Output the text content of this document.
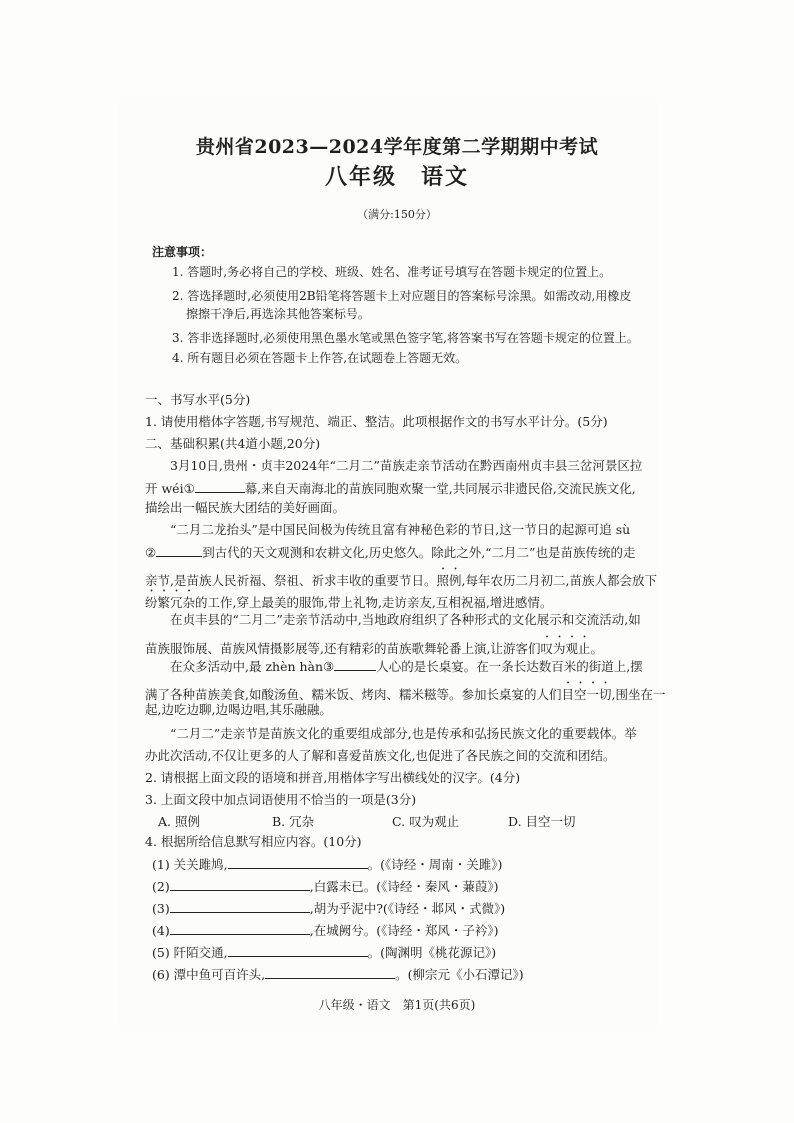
贵州省2023—2024学年度第二学期期中考试
八年级　语文
（满分:150分）
注意事项：
1. 答题时,务必将自己的学校、班级、姓名、准考证号填写在答题卡规定的位置上。
2. 答选择题时,必须使用2B铅笔将答题卡上对应题目的答案标号涂黑。如需改动,用橡皮
擦擦干净后,再选涂其他答案标号。
3. 答非选择题时,必须使用黑色墨水笔或黑色签字笔,将答案书写在答题卡规定的位置上。
4. 所有题目必须在答题卡上作答,在试题卷上答题无效。
一、书写水平(5分)
1. 请使用楷体字答题,书写规范、端正、整洁。此项根据作文的书写水平计分。(5分)
二、基础积累(共4道小题,20分)
3月10日,贵州・贞丰2024年“二月二”苗族走亲节活动在黔西南州贞丰县三岔河景区拉
开 wéi①	幕,来自天南海北的苗族同胞欢聚一堂,共同展示非遗民俗,交流民族文化,
描绘出一幅民族大团结的美好画面。
“二月二龙抬头”是中国民间极为传统且富有神秘色彩的节日,这一节日的起源可追 sù
②	到古代的天文观测和农耕文化,历史悠久。除此之外,“二月二”也是苗族传统的走
亲节,是苗族人民祈福、祭祖、祈求丰收的重要节日。照例,每年农历二月初二,苗族人都会放下
纷繁冗杂的工作,穿上最美的服饰,带上礼物,走访亲友,互相祝福,增进感情。
在贞丰县的“二月二”走亲节活动中,当地政府组织了各种形式的文化展示和交流活动,如
苗族服饰展、苗族风情摄影展等,还有精彩的苗族歌舞轮番上演,让游客们叹为观止。
在众多活动中,最 zhèn hàn③	人心的是长桌宴。在一条长达数百米的街道上,摆
满了各种苗族美食,如酸汤鱼、糯米饭、烤肉、糯米糍等。参加长桌宴的人们目空一切,围坐在一
起,边吃边聊,边喝边唱,其乐融融。
“二月二”走亲节是苗族文化的重要组成部分,也是传承和弘扬民族文化的重要载体。举
办此次活动,不仅让更多的人了解和喜爱苗族文化,也促进了各民族之间的交流和团结。
2. 请根据上面文段的语境和拼音,用楷体字写出横线处的汉字。(4分)
3. 上面文段中加点词语使用不恰当的一项是(3分)
A. 照例	B. 冗杂	C. 叹为观止	D. 目空一切
4. 根据所给信息默写相应内容。(10分)
(1) 关关雎鸠,	。(《诗经・周南・关雎》)
(2)	,白露未已。(《诗经・秦风・蒹葭》)
(3)	,胡为乎泥中?(《诗经・邶风・式微》)
(4)	,在城阙兮。(《诗经・郑风・子衿》)
(5) 阡陌交通,	。(陶渊明《桃花源记》)
(6) 潭中鱼可百许头,	。(柳宗元《小石潭记》)
八年级・语文　第1页(共6页)
